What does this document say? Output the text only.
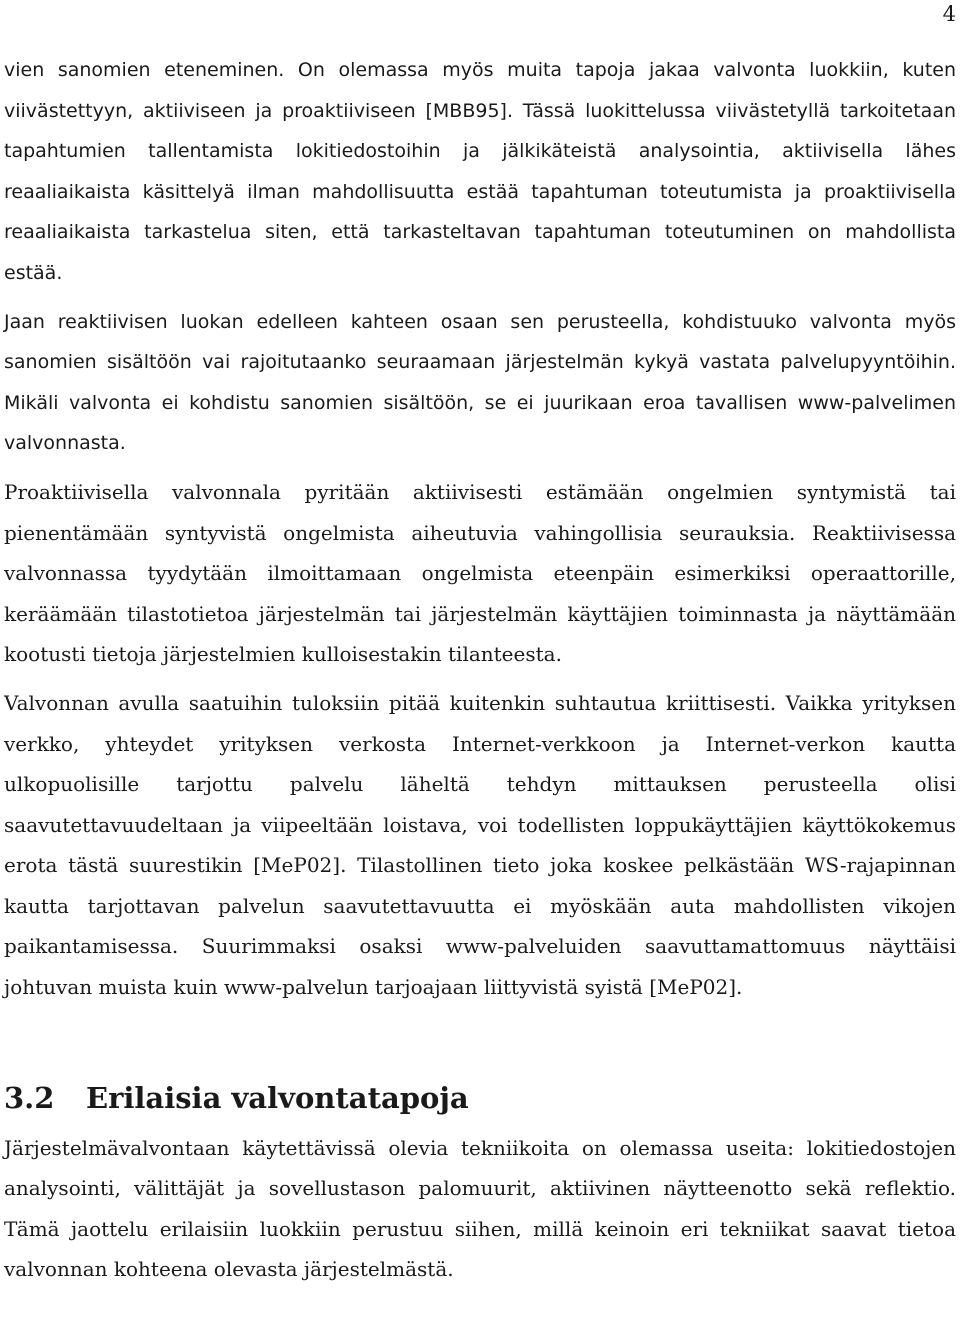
4

vien sanomien eteneminen. On olemassa myös muita tapoja jakaa valvonta luokkiin, kuten viivästettyyn, aktiiviseen ja proaktiiviseen [MBB95]. Tässä luokittelussa viivästetyllä tarkoitetaan tapahtumien tallentamista lokitiedostoihin ja jälkikäteistä analysointia, aktiivisella lähes reaaliaikaista käsittelyä ilman mahdollisuutta estää tapahtuman toteutumista ja proaktiivisella reaaliaikaista tarkastelua siten, että tarkasteltavan tapahtuman toteutuminen on mahdollista estää.

Jaan reaktiivisen luokan edelleen kahteen osaan sen perusteella, kohdistuuko valvonta myös sanomien sisältöön vai rajoitutaanko seuraamaan järjestelmän kykyä vastata palvelupyyntöihin. Mikäli valvonta ei kohdistu sanomien sisältöön, se ei juurikaan eroa tavallisen www-palvelimen valvonnasta.

Proaktiivisella valvonnala pyritään aktiivisesti estämään ongelmien syntymistä tai pienentämään syntyvistä ongelmista aiheutuvia vahingollisia seurauksia. Reaktiivisessa valvonnassa tyydytään ilmoittamaan ongelmista eteenpäin esimerkiksi operaattorille, keräämään tilastotietoa järjestelmän tai järjestelmän käyttäjien toiminnasta ja näyttämään kootusti tietoja järjestelmien kulloisestakin tilanteesta.

Valvonnan avulla saatuihin tuloksiin pitää kuitenkin suhtautua kriittisesti. Vaikka yrityksen verkko, yhteydet yrityksen verkosta Internet-verkkoon ja Internet-verkon kautta ulkopuolisille tarjottu palvelu läheltä tehdyn mittauksen perusteella olisi saavutettavuudeltaan ja viipeeltään loistava, voi todellisten loppukäyttäjien käyttökokemus erota tästä suurestikin [MeP02]. Tilastollinen tieto joka koskee pelkästään WS-rajapinnan kautta tarjottavan palvelun saavutettavuutta ei myöskään auta mahdollisten vikojen paikantamisessa. Suurimmaksi osaksi www-palveluiden saavuttamattomuus näyttäisi johtuvan muista kuin www-palvelun tarjoajaan liittyvistä syistä [MeP02].

3.2 Erilaisia valvontatapoja

Järjestelmävalvontaan käytettävissä olevia tekniikoita on olemassa useita: lokitiedostojen analysointi, välittäjät ja sovellustason palomuurit, aktiivinen näytteenotto sekä reflektio. Tämä jaottelu erilaisiin luokkiin perustuu siihen, millä keinoin eri tekniikat saavat tietoa valvonnan kohteena olevasta järjestelmästä.
